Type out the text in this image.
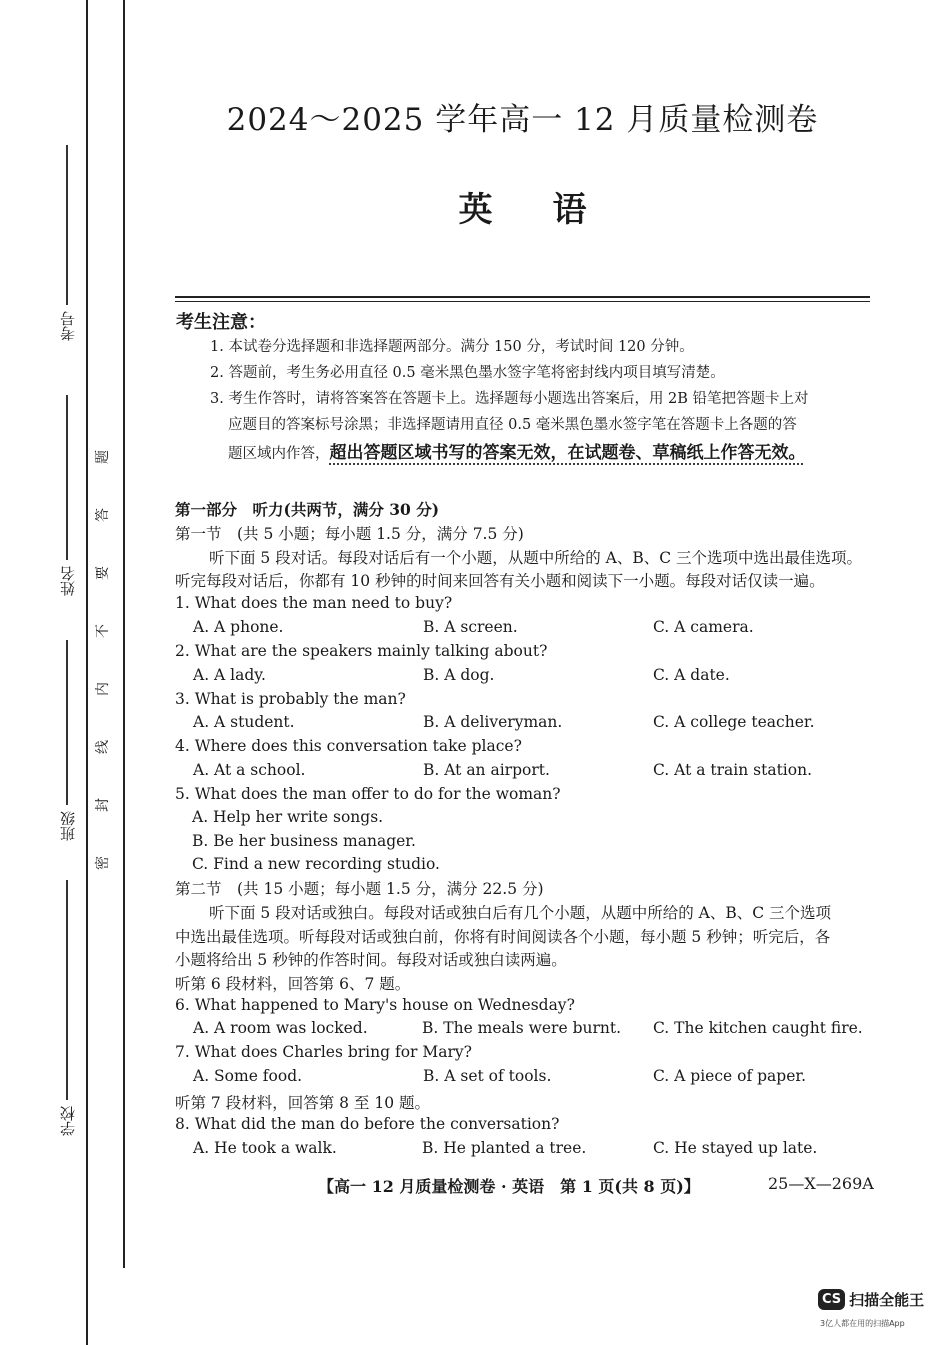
考号
姓名
班级
学校
题
答
要
不
内
线
封
密
2024～2025 学年高一 12 月质量检测卷
英语
考生注意：
1. 本试卷分选择题和非选择题两部分。满分 150 分，考试时间 120 分钟。
2. 答题前，考生务必用直径 0.5 毫米黑色墨水签字笔将密封线内项目填写清楚。
3. 考生作答时，请将答案答在答题卡上。选择题每小题选出答案后，用 2B 铅笔把答题卡上对
应题目的答案标号涂黑；非选择题请用直径 0.5 毫米黑色墨水签字笔在答题卡上各题的答
题区域内作答，超出答题区域书写的答案无效，在试题卷、草稿纸上作答无效。
第一部分　听力(共两节，满分 30 分)
第一节　(共 5 小题；每小题 1.5 分，满分 7.5 分)
听下面 5 段对话。每段对话后有一个小题，从题中所给的 A、B、C 三个选项中选出最佳选项。
听完每段对话后，你都有 10 秒钟的时间来回答有关小题和阅读下一小题。每段对话仅读一遍。
1. What does the man need to buy?
A. A phone.	B. A screen.	C. A camera.
2. What are the speakers mainly talking about?
A. A lady.	B. A dog.	C. A date.
3. What is probably the man?
A. A student.	B. A deliveryman.	C. A college teacher.
4. Where does this conversation take place?
A. At a school.	B. At an airport.	C. At a train station.
5. What does the man offer to do for the woman?
A. Help her write songs.
B. Be her business manager.
C. Find a new recording studio.
第二节　(共 15 小题；每小题 1.5 分，满分 22.5 分)
听下面 5 段对话或独白。每段对话或独白后有几个小题，从题中所给的 A、B、C 三个选项
中选出最佳选项。听每段对话或独白前，你将有时间阅读各个小题，每小题 5 秒钟；听完后，各
小题将给出 5 秒钟的作答时间。每段对话或独白读两遍。
听第 6 段材料，回答第 6、7 题。
6. What happened to Mary's house on Wednesday?
A. A room was locked.	B. The meals were burnt. C. The kitchen caught fire.
7. What does Charles bring for Mary?
A. Some food.	B. A set of tools.	C. A piece of paper.
听第 7 段材料，回答第 8 至 10 题。
8. What did the man do before the conversation?
A. He took a walk.	B. He planted a tree.	C. He stayed up late.
【高一 12 月质量检测卷 · 英语　第 1 页(共 8 页)】	25—X—269A
CS 扫描全能王
3亿人都在用的扫描App
